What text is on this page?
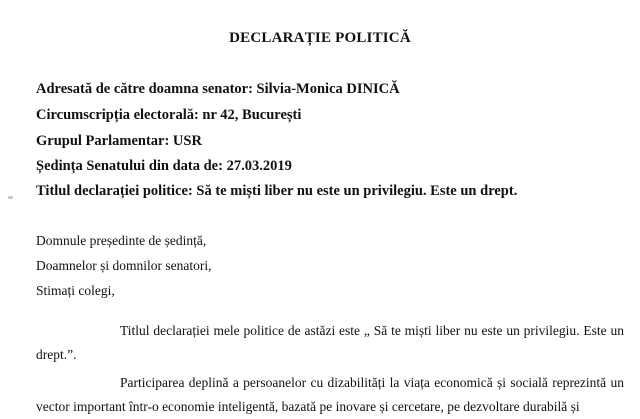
DECLARAȚIE POLITICĂ
Adresată de către doamna senator: Silvia-Monica DINICĂ
Circumscripția electorală: nr 42, București
Grupul Parlamentar: USR
Ședința Senatului din data de: 27.03.2019
Titlul declarației politice: Să te miști liber nu este un privilegiu. Este un drept.
Domnule președinte de ședință,
Doamnelor și domnilor senatori,
Stimați colegi,
Titlul declarației mele politice de astăzi este „ Să te miști liber nu este un privilegiu. Este un drept.”.
Participarea deplină a persoanelor cu dizabilități la viața economică și socială reprezintă un vector important într-o economie inteligentă, bazată pe inovare și cercetare, pe dezvoltare durabilă și
